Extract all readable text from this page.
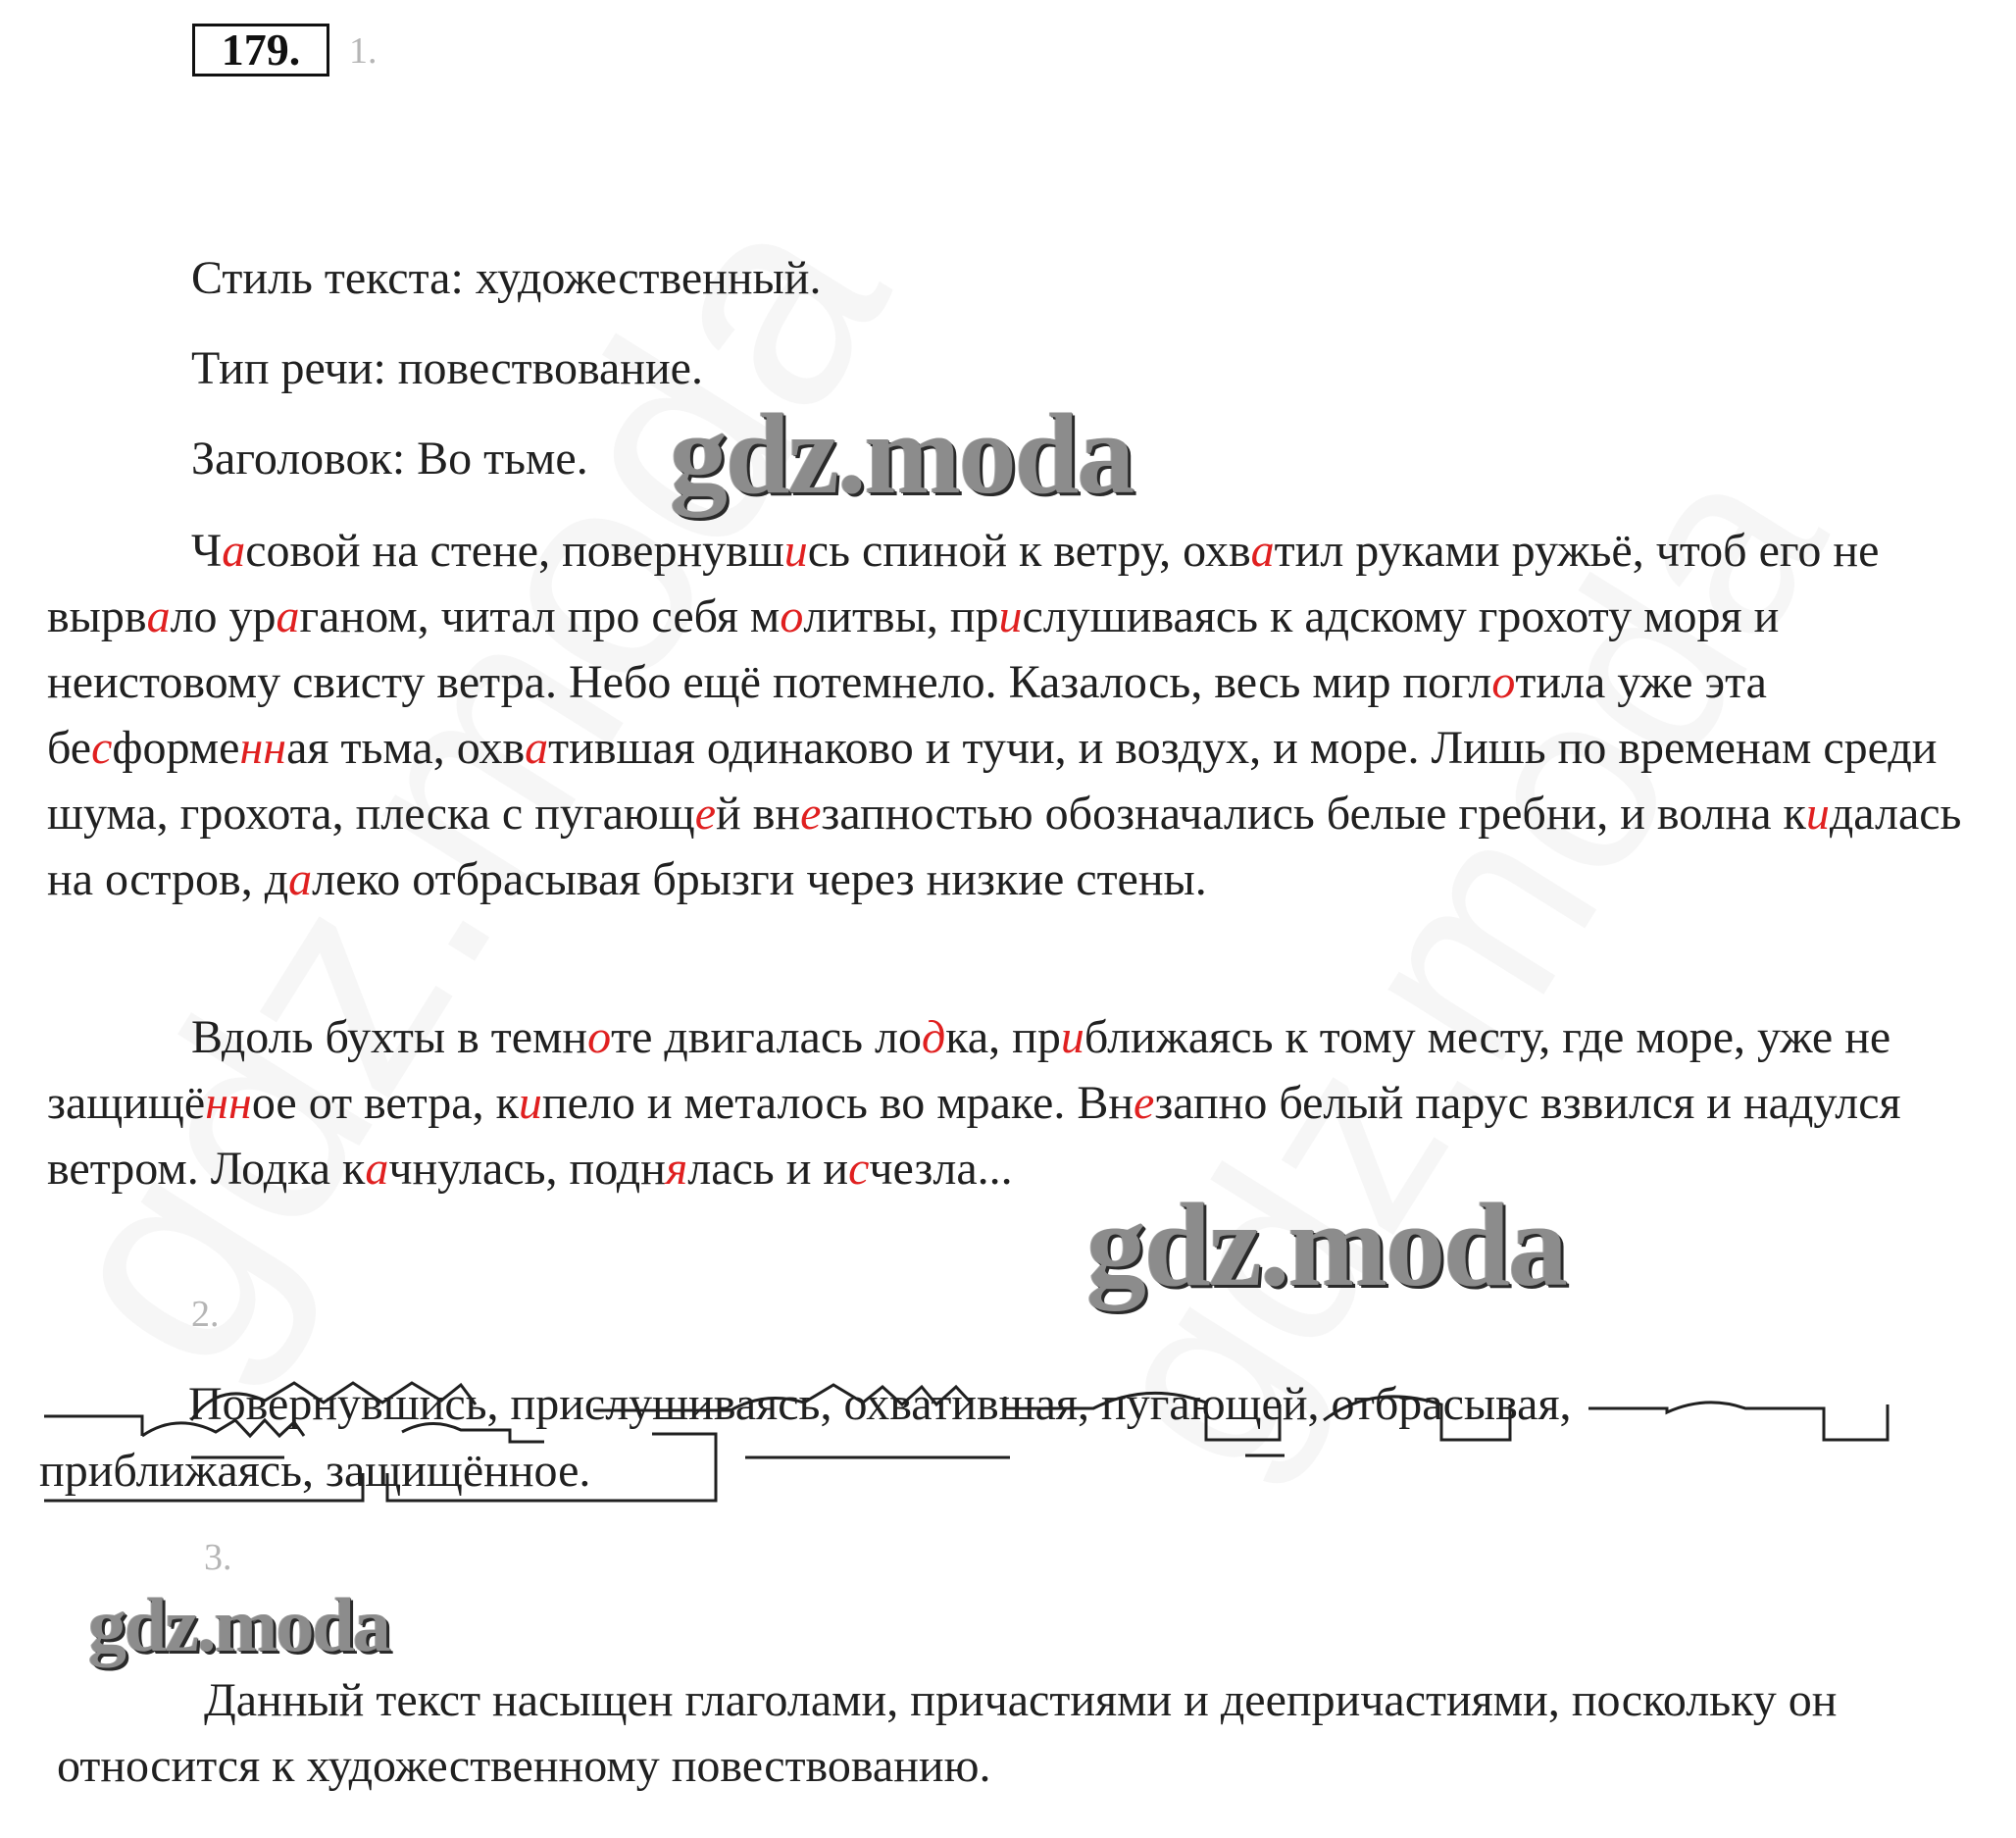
179.	1.
Стиль текста: художественный.
Тип речи: повествование.
Заголовок: Во тьме.
Часовой на стене, повернувшись спиной к ветру, охватил руками ружьё, чтоб его не вырвало ураганом, читал про себя молитвы, прислушиваясь к адскому грохоту моря и неистовому свисту ветра. Небо ещё потемнело. Казалось, весь мир поглотила уже эта бесформенная тьма, охватившая одинаково и тучи, и воздух, и море. Лишь по временам среди шума, грохота, плеска с пугающей внезапностью обозначались белые гребни, и волна кидалась на остров, далеко отбрасывая брызги через низкие стены.
Вдоль бухты в темноте двигалась лодка, приближаясь к тому месту, где море, уже не защищённое от ветра, кипело и металось во мраке. Внезапно белый парус взвился и надулся ветром. Лодка качнулась, поднялась и исчезла...
2.
Повернувшись, прислушиваясь, охватившая, пугающей, отбрасывая,
приближаясь, защищённое.
3.
Данный текст насыщен глаголами, причастиями и деепричастиями, поскольку он относится к художественному повествованию.
gdz.moda
gdz.moda
gdz.moda
